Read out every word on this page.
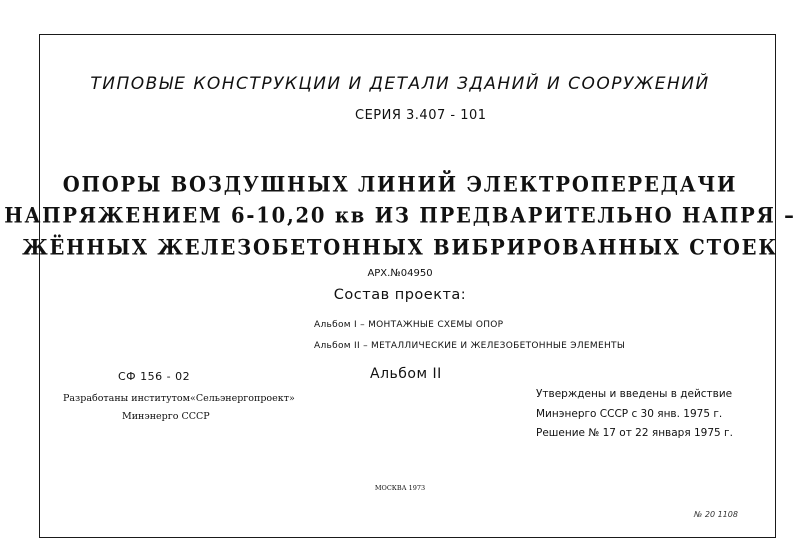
ТИПОВЫЕ КОНСТРУКЦИИ И ДЕТАЛИ ЗДАНИЙ И СООРУЖЕНИЙ
СЕРИЯ 3.407 - 101
ОПОРЫ ВОЗДУШНЫХ ЛИНИЙ ЭЛЕКТРОПЕРЕДАЧИ
НАПРЯЖЕНИЕМ 6-10,20 кв ИЗ ПРЕДВАРИТЕЛЬНО НАПРЯ –
ЖЁННЫХ ЖЕЛЕЗОБЕТОННЫХ ВИБРИРОВАННЫХ СТОЕК
АРХ.№04950
Состав проекта:
Альбом I – МОНТАЖНЫЕ СХЕМЫ ОПОР
Альбом II – МЕТАЛЛИЧЕСКИЕ И ЖЕЛЕЗОБЕТОННЫЕ ЭЛЕМЕНТЫ
СФ 156 - 02	Альбом II
Разработаны институтом«Сельэнергопроект»
Минэнерго СССР
Утверждены и введены в действие
Минэнерго СССР с 30 янв. 1975 г.
Решение № 17 от 22 января 1975 г.
МОСКВА 1973
№ 20 1108
